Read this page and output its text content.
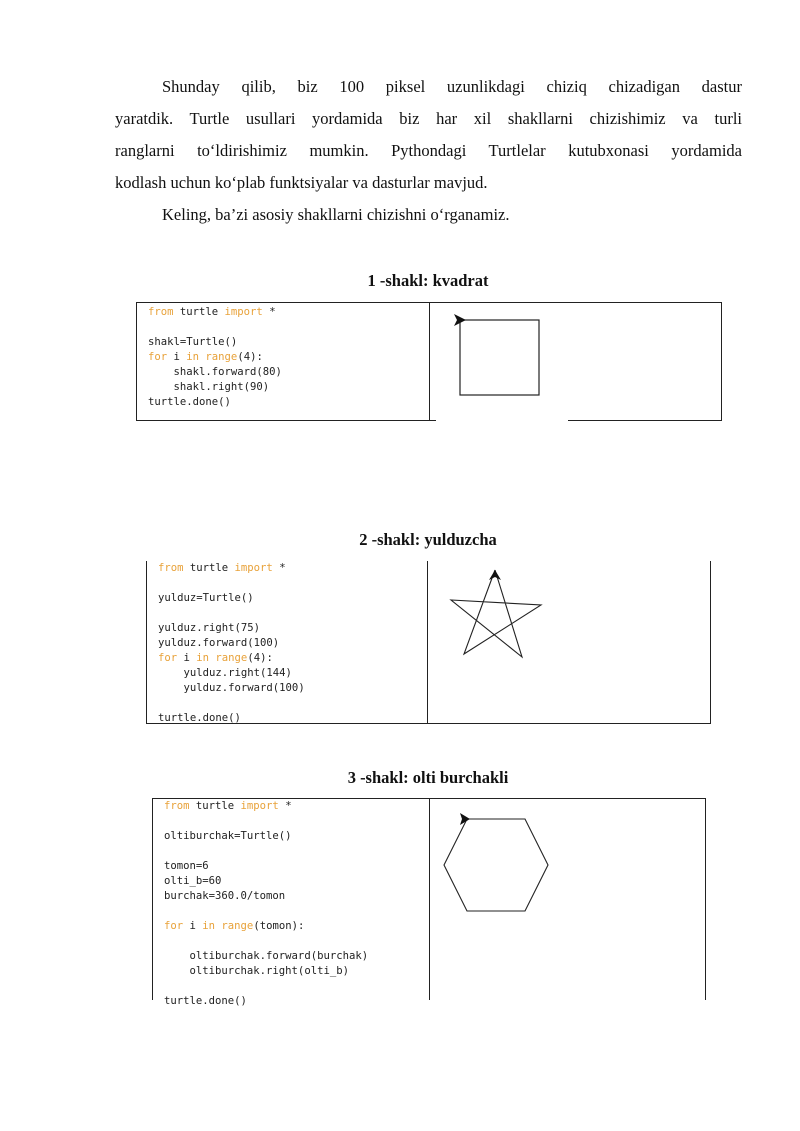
Shunday qilib, biz 100 piksel uzunlikdagi chiziq chizadigan dastur

yaratdik. Turtle usullari yordamida biz har xil shakllarni chizishimiz va turli

ranglarni to‘ldirishimiz mumkin. Pythondagi Turtlelar kutubxonasi yordamida

kodlash uchun ko‘plab funktsiyalar va dasturlar mavjud.

Keling, ba’zi asosiy shakllarni chizishni o‘rganamiz.

1 -shakl: kvadrat
from turtle import *

shakl=Turtle()
for i in range(4):
shakl.forward(80)
shakl.right(90)
turtle.done()
2 -shakl: yulduzcha
from turtle import *

yulduz=Turtle()

yulduz.right(75)
yulduz.forward(100)
for i in range(4):
yulduz.right(144)
yulduz.forward(100)

turtle.done()
3 -shakl: olti burchakli
from turtle import *

oltiburchak=Turtle()

tomon=6
olti_b=60
burchak=360.0/tomon

for i in range(tomon):

oltiburchak.forward(burchak)
oltiburchak.right(olti_b)

turtle.done()
